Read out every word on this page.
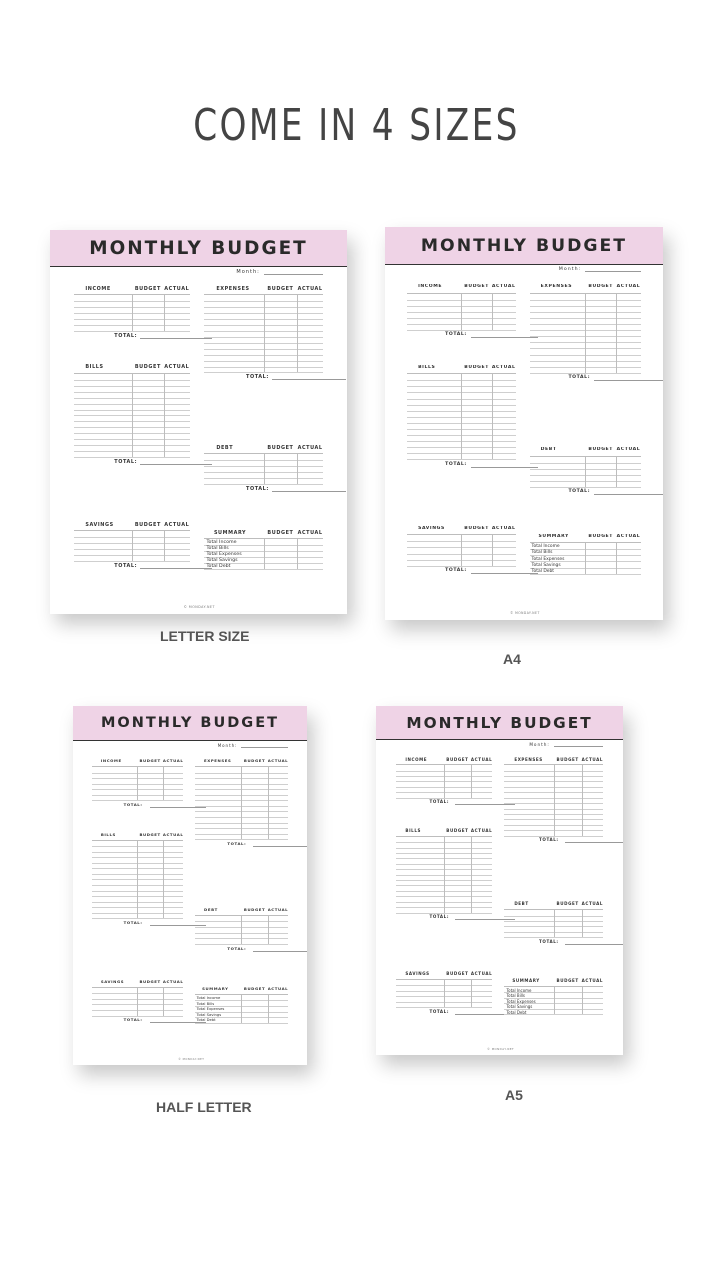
COME IN 4 SIZES
MONTHLY BUDGET
Month:
INCOME	BUDGET ACTUAL
TOTAL:
EXPENSES	BUDGET ACTUAL
TOTAL:
BILLS	BUDGET ACTUAL
TOTAL:
DEBT	BUDGET ACTUAL
TOTAL:
SAVINGS	BUDGET ACTUAL
TOTAL:
SUMMARY	BUDGET ACTUAL
Total Income
Total Bills
Total Expenses
Total Savings
Total Debt
© MONDAY.NET
LETTER SIZE
MONTHLY BUDGET
Month:
INCOME	BUDGET ACTUAL
TOTAL:
EXPENSES	BUDGET ACTUAL
TOTAL:
BILLS	BUDGET ACTUAL
TOTAL:
DEBT	BUDGET ACTUAL
TOTAL:
SAVINGS	BUDGET ACTUAL
TOTAL:
SUMMARY	BUDGET ACTUAL
Total Income
Total Bills
Total Expenses
Total Savings
Total Debt
© MONDAY.NET
A4
MONTHLY BUDGET
Month:
INCOME	BUDGET ACTUAL
TOTAL:
EXPENSES	BUDGET ACTUAL
TOTAL:
BILLS	BUDGET ACTUAL
TOTAL:
DEBT	BUDGET ACTUAL
TOTAL:
SAVINGS	BUDGET ACTUAL
TOTAL:
SUMMARY	BUDGET ACTUAL
Total Income
Total Bills
Total Expenses
Total Savings
Total Debt
© MONDAY.NET
HALF LETTER
MONTHLY BUDGET
Month:
INCOME	BUDGET ACTUAL
TOTAL:
EXPENSES	BUDGET ACTUAL
TOTAL:
BILLS	BUDGET ACTUAL
TOTAL:
DEBT	BUDGET ACTUAL
TOTAL:
SAVINGS	BUDGET ACTUAL
TOTAL:
SUMMARY	BUDGET ACTUAL
Total Income
Total Bills
Total Expenses
Total Savings
Total Debt
© MONDAY.NET
A5
